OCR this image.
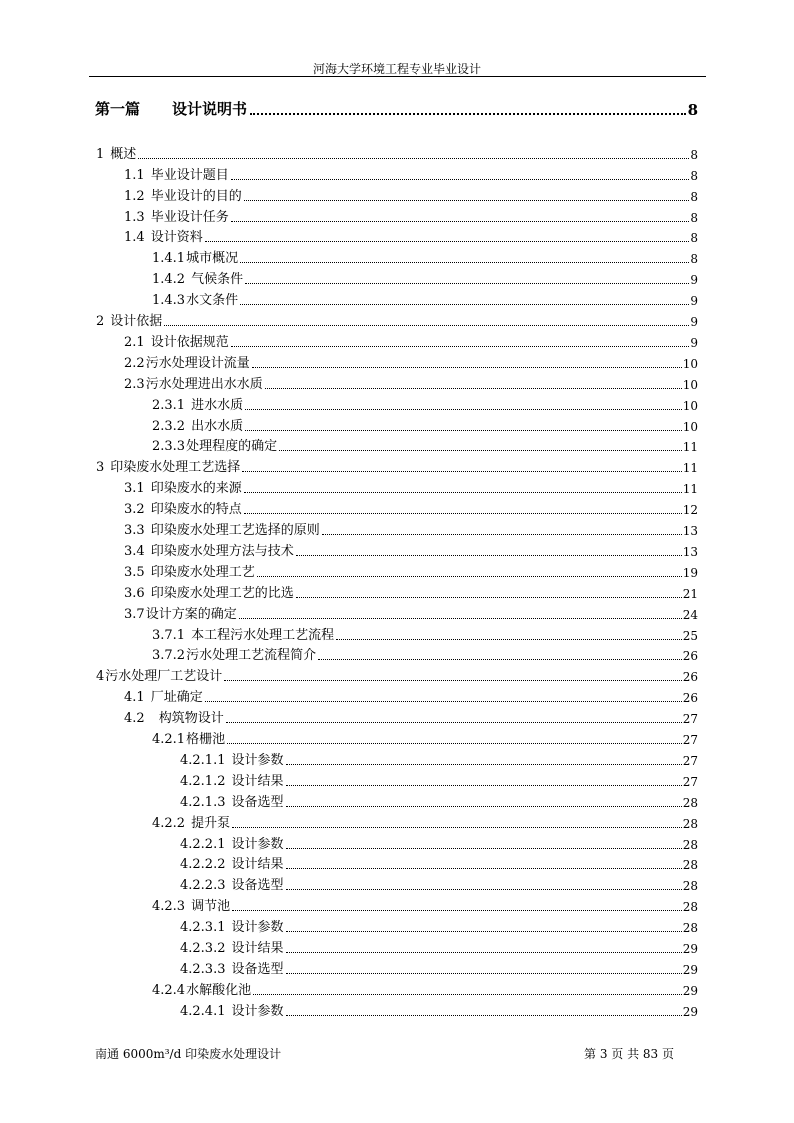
河海大学环境工程专业毕业设计
第一篇 设计说明书	8
1 概述	8
1.1 毕业设计题目	8
1.2 毕业设计的目的	8
1.3 毕业设计任务	8
1.4 设计资料	8
1.4.1 城市概况	8
1.4.2 气候条件	9
1.4.3 水文条件	9
2 设计依据	9
2.1 设计依据规范	9
2.2 污水处理设计流量	10
2.3 污水处理进出水水质	10
2.3.1 进水水质	10
2.3.2 出水水质	10
2.3.3 处理程度的确定	11
3 印染废水处理工艺选择	11
3.1 印染废水的来源	11
3.2 印染废水的特点	12
3.3 印染废水处理工艺选择的原则	13
3.4 印染废水处理方法与技术	13
3.5 印染废水处理工艺	19
3.6 印染废水处理工艺的比选	21
3.7 设计方案的确定	24
3.7.1 本工程污水处理工艺流程	25
3.7.2 污水处理工艺流程简介	26
4 污水处理厂工艺设计	26
4.1 厂址确定	26
4.2 构筑物设计	27
4.2.1 格栅池	27
4.2.1.1 设计参数	27
4.2.1.2 设计结果	27
4.2.1.3 设备选型	28
4.2.2 提升泵	28
4.2.2.1 设计参数	28
4.2.2.2 设计结果	28
4.2.2.3 设备选型	28
4.2.3 调节池	28
4.2.3.1 设计参数	28
4.2.3.2 设计结果	29
4.2.3.3 设备选型	29
4.2.4 水解酸化池	29
4.2.4.1 设计参数	29
南通 6000m³/d 印染废水处理设计	第 3 页 共 83 页
